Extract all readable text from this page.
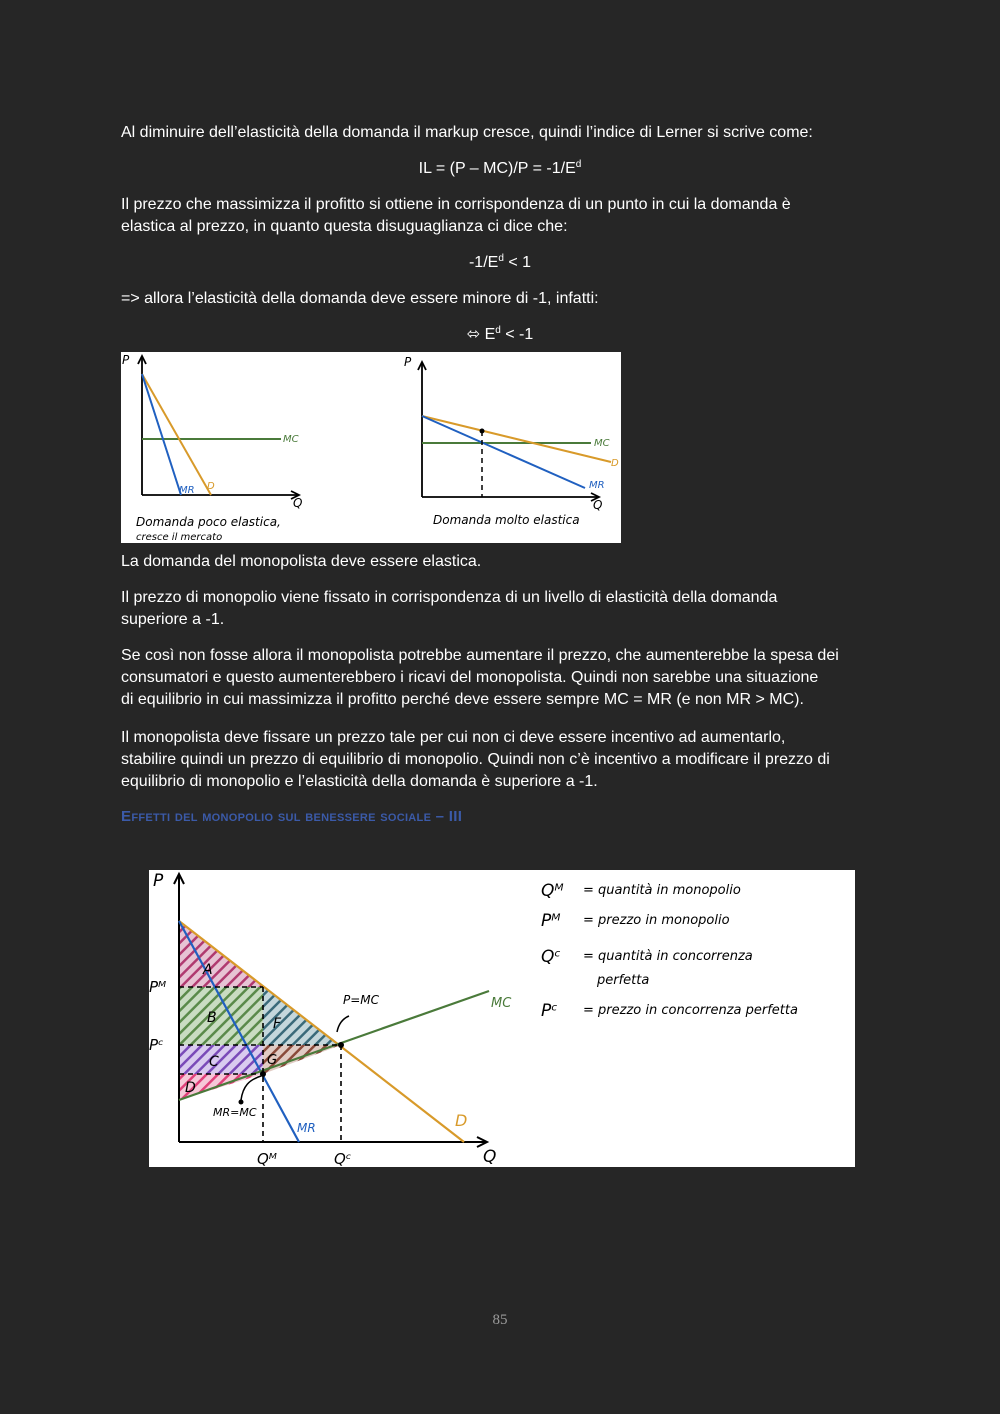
Al diminuire dell’elasticità della domanda il markup cresce, quindi l’indice di Lerner si scrive come:

IL = $(P - MC)/P = -1/E^d$

Il prezzo che massimizza il profitto si ottiene in corrispondenza di un punto in cui la domanda è

elastica al prezzo, in quanto questa disuguaglianza ci dice che:

$-1/E^d < 1$

=> allora l’elasticità della domanda deve essere minore di -1, infatti:

⬄ $E^d < -1$
P
Q
MC
MR D
Domanda poco elastica,
cresce il mercato
P
Q
MC
MR
D
Domanda molto elastica

La domanda del monopolista deve essere elastica.

Il prezzo di monopolio viene fissato in corrispondenza di un livello di elasticità della domanda

superiore a -1.

Se così non fosse allora il monopolista potrebbe aumentare il prezzo, che aumenterebbe la spesa dei

consumatori e questo aumenterebbero i ricavi del monopolista. Quindi non sarebbe una situazione

di equilibrio in cui massimizza il profitto perché deve essere sempre MC = MR (e non MR > MC).

Il monopolista deve fissare un prezzo tale per cui non ci deve essere incentivo ad aumentarlo,

stabilire quindi un prezzo di equilibrio di monopolio. Quindi non c’è incentivo a modificare il prezzo di

equilibrio di monopolio e l’elasticità della domanda è superiore a -1.

Effetti del monopolio sul benessere sociale – III
P
Q
Pᴹ
Pᶜ
Qᴹ	Qᶜ
MC
MR	D
P=MC
MR=MC
A
B
C
D
F
G
Qᴹ = quantità in monopolio
Pᴹ = prezzo in monopolio
Qᶜ = quantità in concorrenza
perfetta
Pᶜ = prezzo in concorrenza perfetta
85
